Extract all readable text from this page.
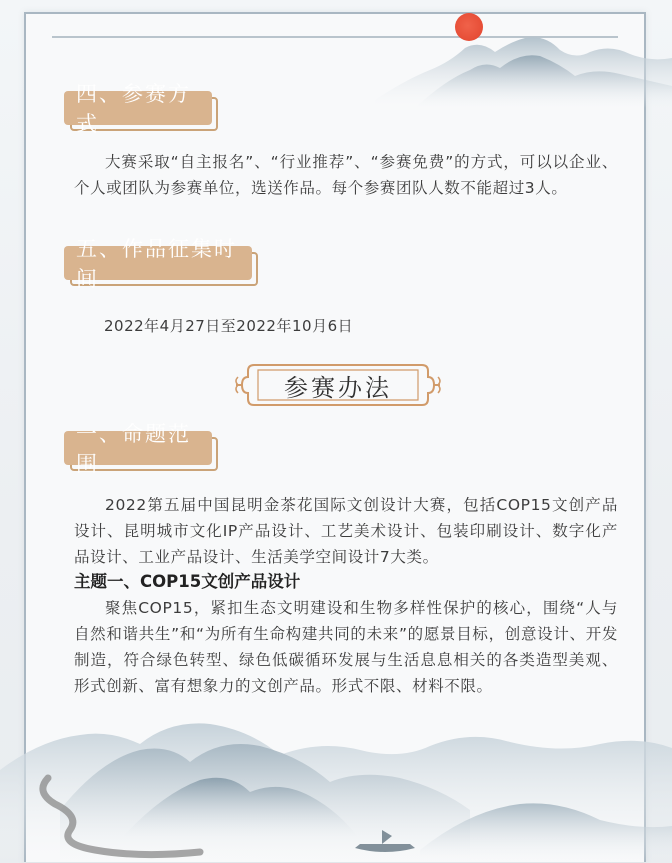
四、参赛方式
大赛采取“自主报名”、“行业推荐”、“参赛免费”的方式，可以以企业、个人或团队为参赛单位，选送作品。每个参赛团队人数不能超过3人。
五、作品征集时间
2022年4月27日至2022年10月6日
参赛办法
一、命题范围
2022第五届中国昆明金茶花国际文创设计大赛，包括COP15文创产品设计、昆明城市文化IP产品设计、工艺美术设计、包装印刷设计、数字化产品设计、工业产品设计、生活美学空间设计7大类。
主题一、COP15文创产品设计
聚焦COP15，紧扣生态文明建设和生物多样性保护的核心，围绕“人与自然和谐共生”和“为所有生命构建共同的未来”的愿景目标，创意设计、开发制造，符合绿色转型、绿色低碳循环发展与生活息息相关的各类造型美观、形式创新、富有想象力的文创产品。形式不限、材料不限。
